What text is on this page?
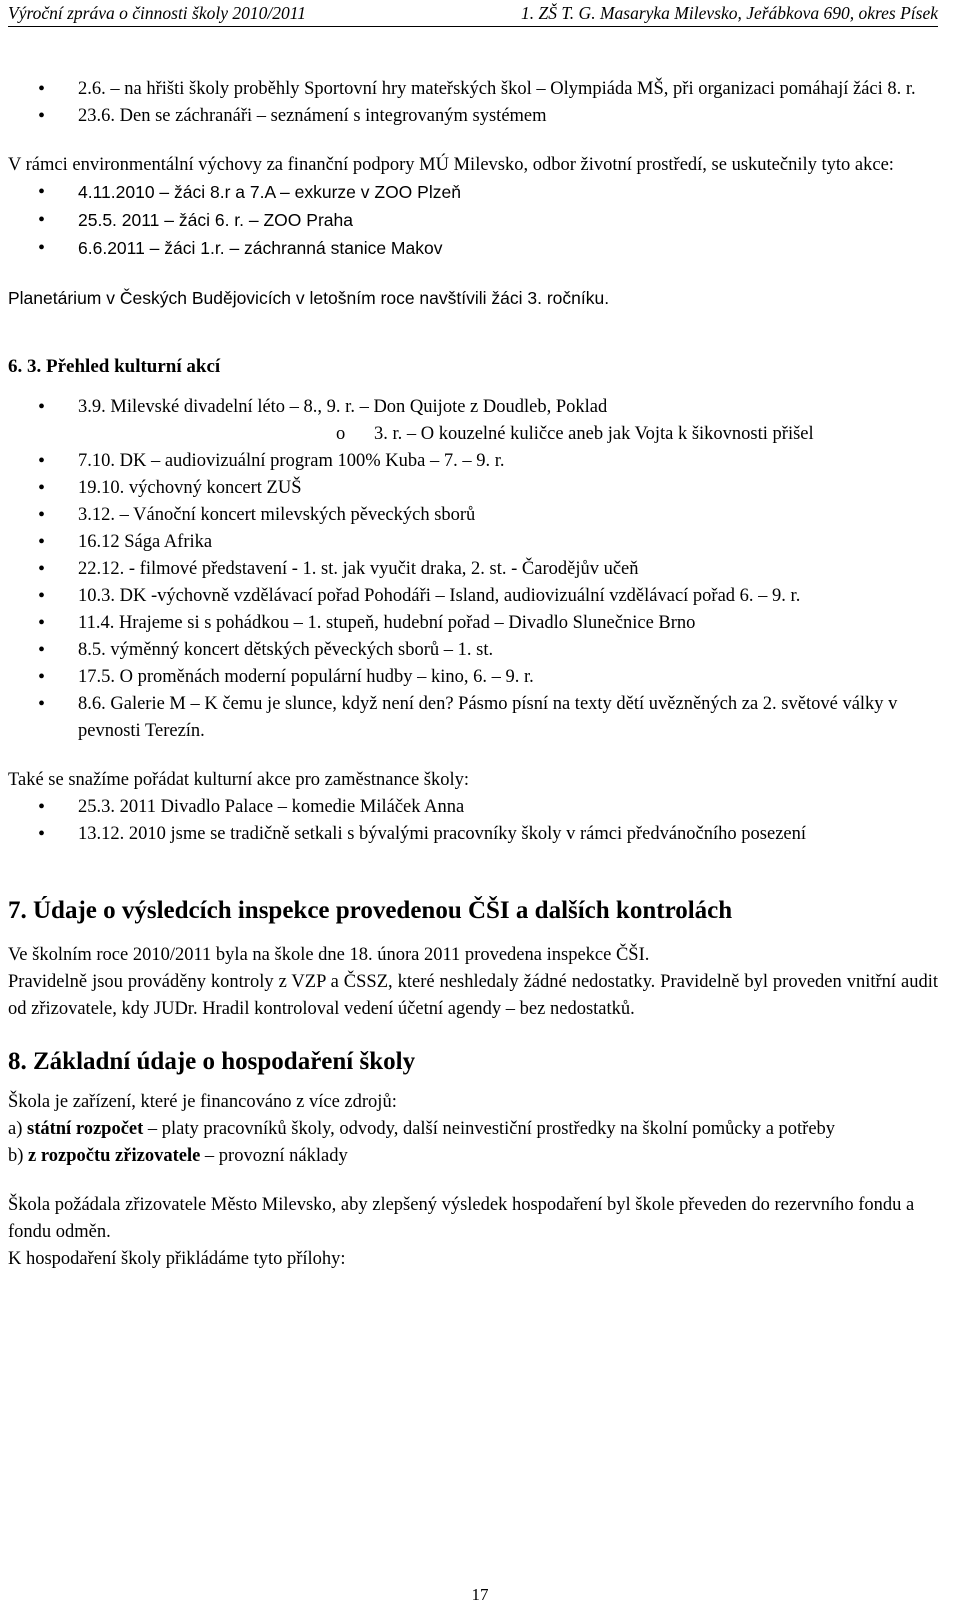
Výroční zpráva o činnosti školy 2010/2011	1. ZŠ T. G. Masaryka Milevsko, Jeřábkova 690, okres Písek
• 2.6. – na hřišti školy proběhly Sportovní hry mateřských škol – Olympiáda MŠ, při organizaci pomáhají žáci 8. r.
• 23.6. Den se záchranáři – seznámení s integrovaným systémem

V rámci environmentální výchovy za finanční podpory MÚ Milevsko, odbor životní prostředí, se uskutečnily tyto akce:

• 4.11.2010 – žáci 8.r a 7.A – exkurze v ZOO Plzeň
• 25.5. 2011 – žáci 6. r. – ZOO Praha
• 6.6.2011 – žáci 1.r. – záchranná stanice Makov

Planetárium v Českých Budějovicích v letošním roce navštívili žáci 3. ročníku.

6. 3. Přehled kulturní akcí
• 3.9. Milevské divadelní léto – 8., 9. r. – Don Quijote z Doudleb, Poklad
o 3. r. – O kouzelné kuličce aneb jak Vojta k šikovnosti přišel
• 7.10. DK – audiovizuální program 100% Kuba – 7. – 9. r.
• 19.10. výchovný koncert ZUŠ
• 3.12. – Vánoční koncert milevských pěveckých sborů
• 16.12 Sága Afrika
• 22.12. - filmové představení - 1. st. jak vyučit draka, 2. st. - Čarodějův učeň
• 10.3. DK -výchovně vzdělávací pořad Pohodáři – Island, audiovizuální vzdělávací pořad 6. – 9. r.
• 11.4. Hrajeme si s pohádkou – 1. stupeň, hudební pořad – Divadlo Slunečnice Brno
• 8.5. výměnný koncert dětských pěveckých sborů – 1. st.
• 17.5. O proměnách moderní populární hudby – kino, 6. – 9. r.
• 8.6. Galerie M – K čemu je slunce, když není den? Pásmo písní na texty dětí uvězněných za 2. světové války v pevnosti Terezín.

Také se snažíme pořádat kulturní akce pro zaměstnance školy:

• 25.3. 2011 Divadlo Palace – komedie Miláček Anna
• 13.12. 2010 jsme se tradičně setkali s bývalými pracovníky školy v rámci předvánočního posezení
7. Údaje o výsledcích inspekce provedenou ČŠI a dalších kontrolách

Ve školním roce 2010/2011 byla na škole dne 18. února 2011 provedena inspekce ČŠI.

Pravidelně jsou prováděny kontroly z VZP a ČSSZ, které neshledaly žádné nedostatky. Pravidelně byl proveden vnitřní audit od zřizovatele, kdy JUDr. Hradil kontroloval vedení účetní agendy – bez nedostatků.

8. Základní údaje o hospodaření školy

Škola je zařízení, které je financováno z více zdrojů:

a) státní rozpočet – platy pracovníků školy, odvody, další neinvestiční prostředky na školní pomůcky a potřeby

b) z rozpočtu zřizovatele – provozní náklady

Škola požádala zřizovatele Město Milevsko, aby zlepšený výsledek hospodaření byl škole převeden do rezervního fondu a fondu odměn.

K hospodaření školy přikládáme tyto přílohy:

17
